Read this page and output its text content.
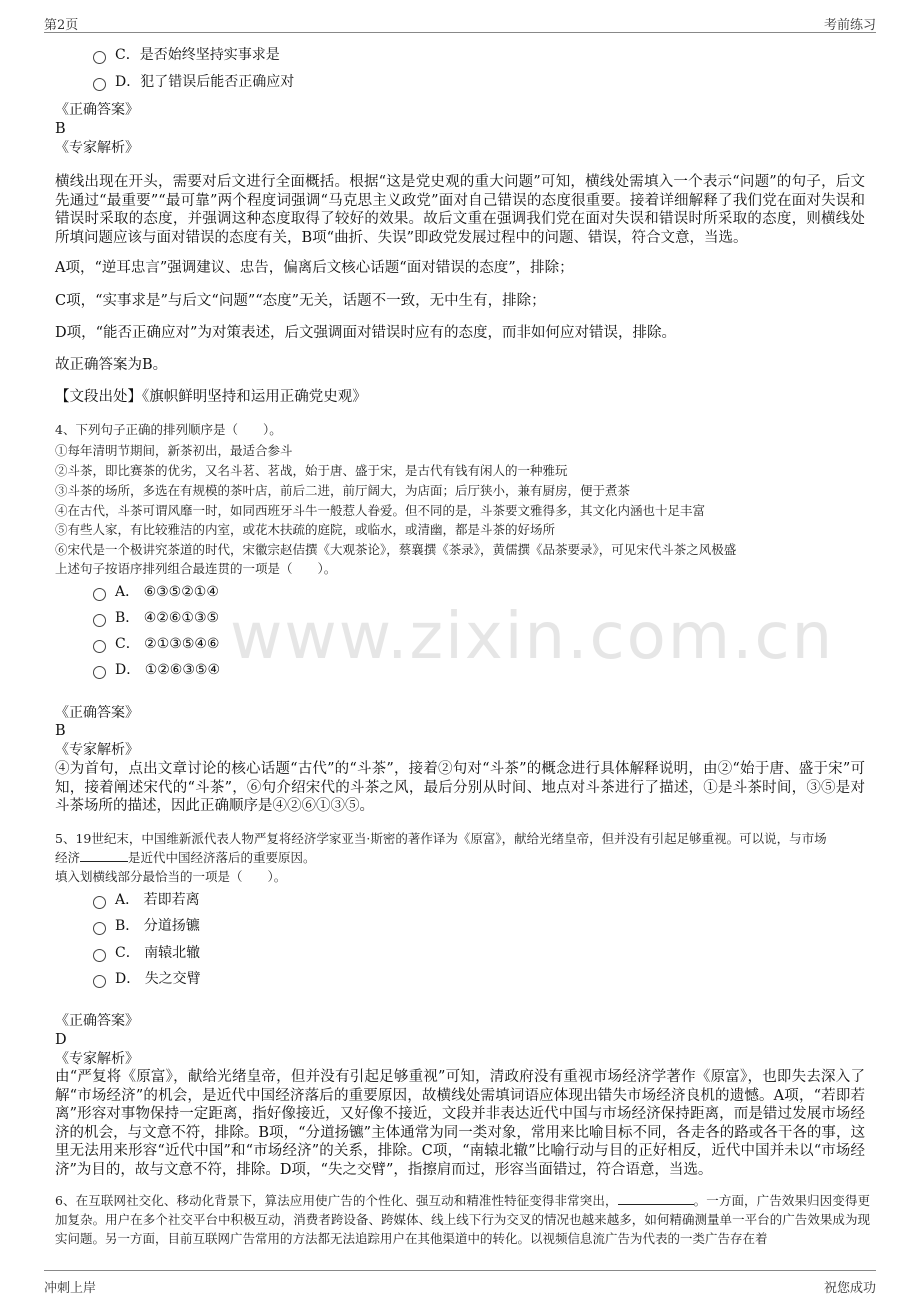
第2页	考前练习
www.zixin.com.cn
C． 是否始终坚持实事求是
D． 犯了错误后能否正确应对
《正确答案》
B
《专家解析》
横线出现在开头，需要对后文进行全面概括。根据“这是党史观的重大问题”可知，横线处需填入一个表示“问题”的句子，后文先通过“最重要”“最可靠”两个程度词强调“马克思主义政党”面对自己错误的态度很重要。接着详细解释了我们党在面对失误和错误时采取的态度，并强调这种态度取得了较好的效果。故后文重在强调我们党在面对失误和错误时所采取的态度，则横线处所填问题应该与面对错误的态度有关，B项“曲折、失误”即政党发展过程中的问题、错误，符合文意，当选。
A项，“逆耳忠言”强调建议、忠告，偏离后文核心话题“面对错误的态度”，排除；
C项，“实事求是”与后文“问题”“态度”无关，话题不一致，无中生有，排除；
D项，“能否正确应对”为对策表述，后文强调面对错误时应有的态度，而非如何应对错误，排除。
故正确答案为B。
【文段出处】《旗帜鲜明坚持和运用正确党史观》
4、下列句子正确的排列顺序是（　　）。
①每年清明节期间，新茶初出，最适合参斗
②斗茶，即比赛茶的优劣，又名斗茗、茗战，始于唐、盛于宋，是古代有钱有闲人的一种雅玩
③斗茶的场所，多选在有规模的茶叶店，前后二进，前厅阔大，为店面；后厅狭小，兼有厨房，便于煮茶
④在古代，斗茶可谓风靡一时，如同西班牙斗牛一般惹人眷爱。但不同的是，斗茶要文雅得多，其文化内涵也十足丰富
⑤有些人家，有比较雅洁的内室，或花木扶疏的庭院，或临水，或清幽，都是斗茶的好场所
⑥宋代是一个极讲究茶道的时代，宋徽宗赵佶撰《大观茶论》，蔡襄撰《茶录》，黄儒撰《品茶要录》，可见宋代斗茶之风极盛
上述句子按语序排列组合最连贯的一项是（　　）。
A．
⑥③⑤②①④
B．
④②⑥①③⑤
C．
②①③⑤④⑥
D．
①②⑥③⑤④
《正确答案》
B
《专家解析》
④为首句，点出文章讨论的核心话题“古代”的“斗茶”，接着②句对“斗茶”的概念进行具体解释说明，由②“始于唐、盛于宋”可知，接着阐述宋代的“斗茶”，⑥句介绍宋代的斗茶之风，最后分别从时间、地点对斗茶进行了描述，①是斗茶时间，③⑤是对斗茶场所的描述，因此正确顺序是④②⑥①③⑤。
5、19世纪末，中国维新派代表人物严复将经济学家亚当·斯密的著作译为《原富》，献给光绪皇帝，但并没有引起足够重视。可以说，与市场
经济	是近代中国经济落后的重要原因。
填入划横线部分最恰当的一项是（　　）。
A．
若即若离
B．
分道扬镳
C．
南辕北辙
D．
失之交臂
《正确答案》
D
《专家解析》
由“严复将《原富》，献给光绪皇帝，但并没有引起足够重视”可知，清政府没有重视市场经济学著作《原富》，也即失去深入了解“市场经济”的机会，是近代中国经济落后的重要原因，故横线处需填词语应体现出错失市场经济良机的遗憾。A项，“若即若离”形容对事物保持一定距离，指好像接近，又好像不接近，文段并非表达近代中国与市场经济保持距离，而是错过发展市场经济的机会，与文意不符，排除。B项，“分道扬镳”主体通常为同一类对象，常用来比喻目标不同，各走各的路或各干各的事，这里无法用来形容“近代中国”和“市场经济”的关系，排除。C项，“南辕北辙”比喻行动与目的正好相反，近代中国并未以“市场经济”为目的，故与文意不符，排除。D项，“失之交臂”，指擦肩而过，形容当面错过，符合语意，当选。
6、在互联网社交化、移动化背景下，算法应用使广告的个性化、强互动和精准性特征变得非常突出，	。一方面，广告效果归因变得更加复杂。用户在多个社交平台中积极互动，消费者跨设备、跨媒体、线上线下行为交叉的情况也越来越多，如何精确测量单一平台的广告效果成为现实问题。另一方面，目前互联网广告常用的方法都无法追踪用户在其他渠道中的转化。以视频信息流广告为代表的一类广告存在着
冲刺上岸	祝您成功
